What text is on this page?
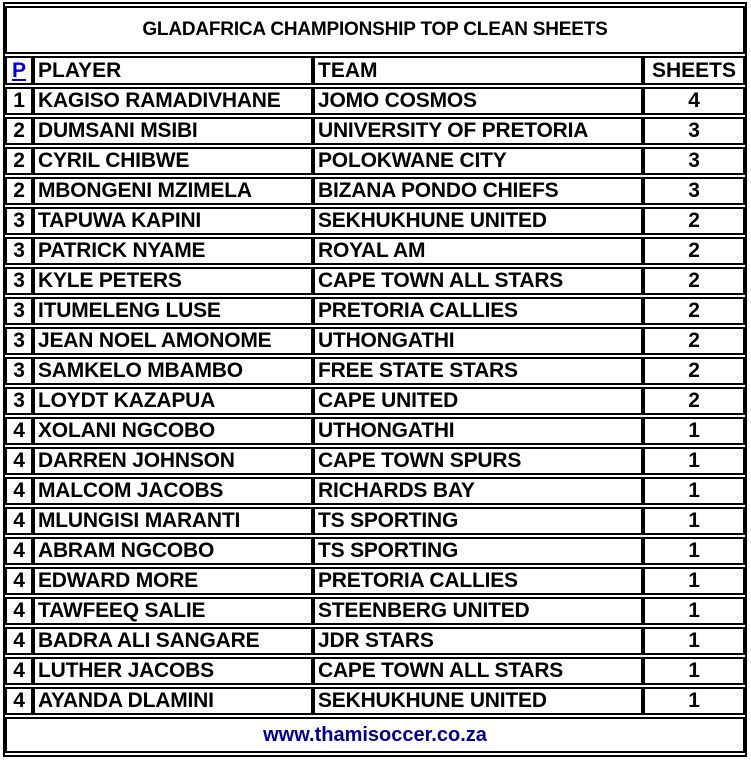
GLADAFRICA CHAMPIONSHIP TOP CLEAN SHEETS			
P	PLAYER	TEAM	SHEETS
1	KAGISO RAMADIVHANE	JOMO COSMOS	4
2	DUMSANI MSIBI	UNIVERSITY OF PRETORIA	3
2	CYRIL CHIBWE	POLOKWANE CITY	3
2	MBONGENI MZIMELA	BIZANA PONDO CHIEFS	3
3	TAPUWA KAPINI	SEKHUKHUNE UNITED	2
3	PATRICK NYAME	ROYAL AM	2
3	KYLE PETERS	CAPE TOWN ALL STARS	2
3	ITUMELENG LUSE	PRETORIA CALLIES	2
3	JEAN NOEL AMONOME	UTHONGATHI	2
3	SAMKELO MBAMBO	FREE STATE STARS	2
3	LOYDT KAZAPUA	CAPE UNITED	2
4	XOLANI NGCOBO	UTHONGATHI	1
4	DARREN JOHNSON	CAPE TOWN SPURS	1
4	MALCOM JACOBS	RICHARDS BAY	1
4	MLUNGISI MARANTI	TS SPORTING	1
4	ABRAM NGCOBO	TS SPORTING	1
4	EDWARD MORE	PRETORIA CALLIES	1
4	TAWFEEQ SALIE	STEENBERG UNITED	1
4	BADRA ALI SANGARE	JDR STARS	1
4	LUTHER JACOBS	CAPE TOWN ALL STARS	1
4	AYANDA DLAMINI	SEKHUKHUNE UNITED	1
www.thamisoccer.co.za			
